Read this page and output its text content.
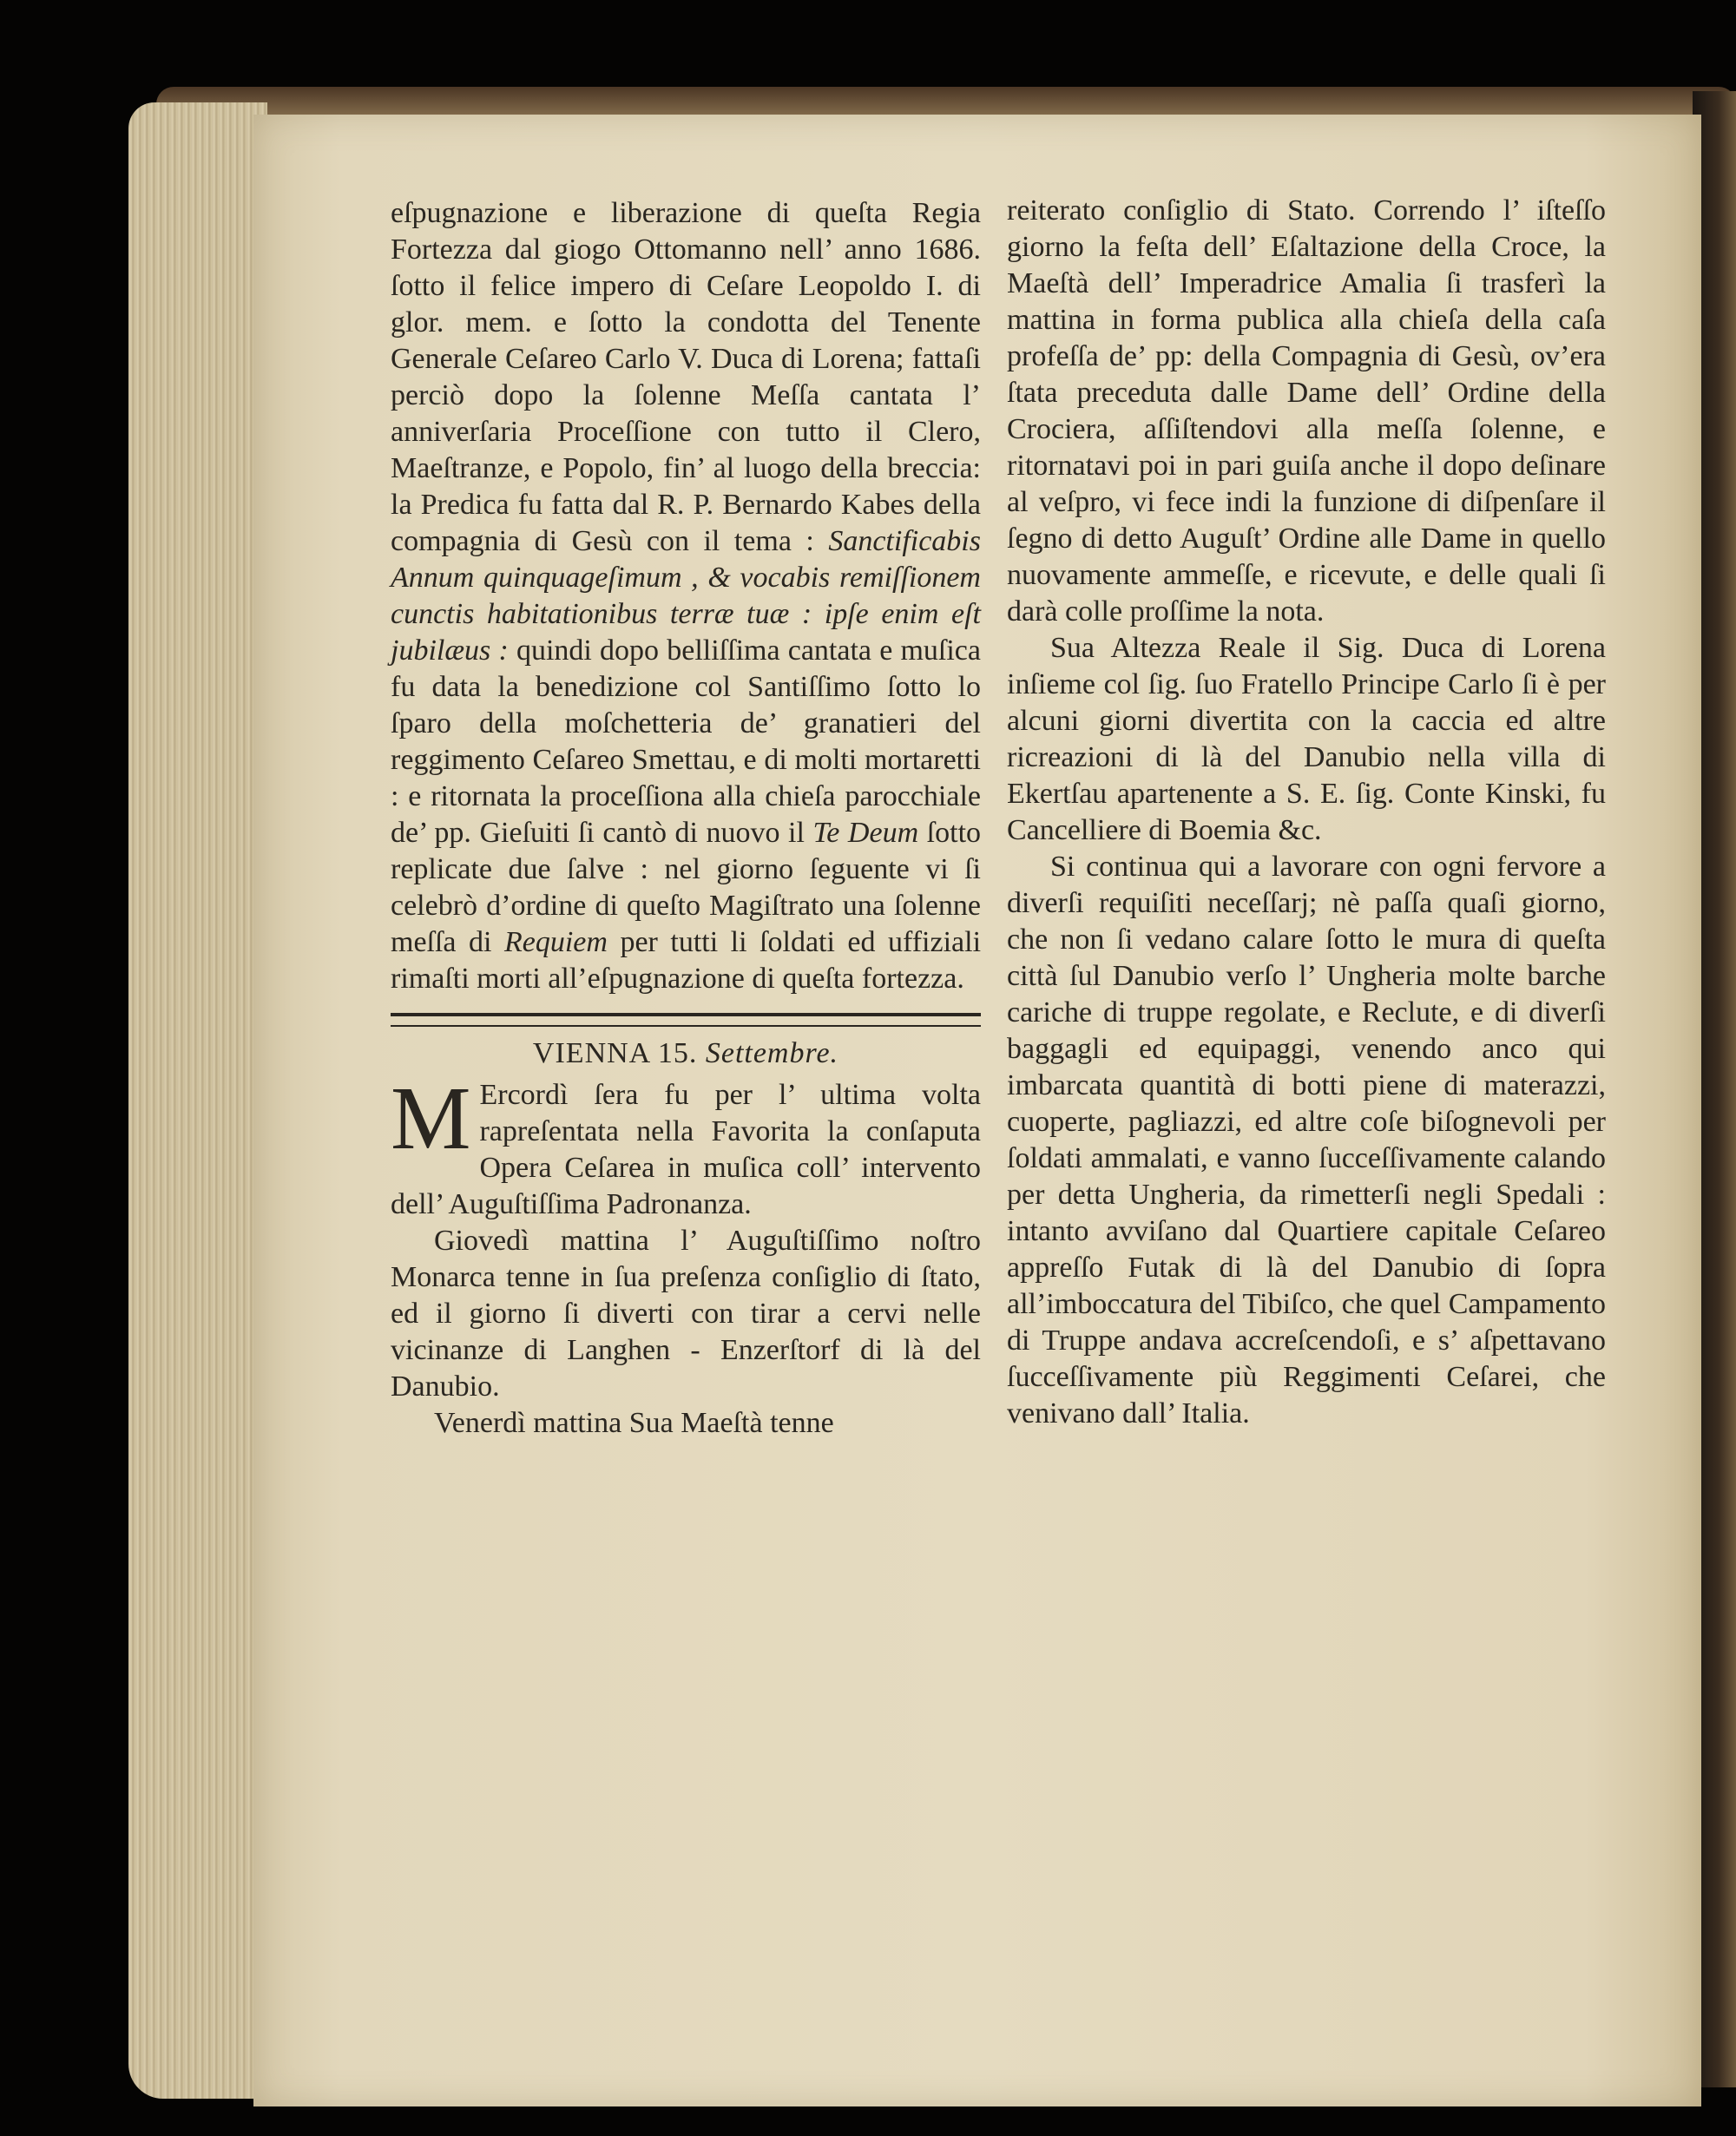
eſpugnazione e liberazione di queſta Regia Fortezza dal giogo Ottomanno nell’ anno 1686. ſotto il felice impero di Ceſare Leopoldo I. di glor. mem. e ſotto la condotta del Tenente Generale Ceſareo Carlo V. Duca di Lorena; fattaſi perciò dopo la ſolenne Meſſa cantata l’ anniverſaria Proceſſione con tutto il Clero, Maeſtranze, e Popolo, fin’ al luogo della breccia: la Predica fu fatta dal R. P. Bernardo Kabes della compagnia di Gesù con il tema : Sanctificabis Annum quinquageſimum , & vocabis remiſſionem cunctis habitationibus terræ tuæ : ipſe enim eſt jubilæus : quindi dopo belliſſima cantata e muſica fu data la benedizione col Santiſſimo ſotto lo ſparo della moſchetteria de’ granatieri del reggimento Ceſareo Smettau, e di molti mortaretti : e ritornata la proceſſiona alla chieſa parocchiale de’ pp. Gieſuiti ſi cantò di nuovo il Te Deum ſotto replicate due ſalve : nel giorno ſeguente vi ſi celebrò d’ordine di queſto Magiſtrato una ſolenne meſſa di Requiem per tutti li ſoldati ed uffiziali rimaſti morti all’eſpugnazione di queſta fortezza.

VIENNA 15. Settembre.

M Ercordì ſera fu per l’ ultima volta rapreſentata nella Favorita la conſaputa Opera Ceſarea in muſica coll’ intervento dell’ Auguſtiſſima Padronanza.

Giovedì mattina l’ Auguſtiſſimo noſtro Monarca tenne in ſua preſenza conſiglio di ſtato, ed il giorno ſi diverti con tirar a cervi nelle vicinanze di Langhen - Enzerſtorf di là del Danubio.

Venerdì mattina Sua Maeſtà tenne

reiterato conſiglio di Stato. Correndo l’ iſteſſo giorno la feſta dell’ Eſaltazione della Croce, la Maeſtà dell’ Imperadrice Amalia ſi trasferì la mattina in forma publica alla chieſa della caſa profeſſa de’ pp: della Compagnia di Gesù, ov’era ſtata preceduta dalle Dame dell’ Ordine della Crociera, aſſiſtendovi alla meſſa ſolenne, e ritornatavi poi in pari guiſa anche il dopo deſinare al veſpro, vi fece indi la funzione di diſpenſare il ſegno di detto Auguſt’ Ordine alle Dame in quello nuovamente ammeſſe, e ricevute, e delle quali ſi darà colle proſſime la nota.

Sua Altezza Reale il Sig. Duca di Lorena inſieme col ſig. ſuo Fratello Principe Carlo ſi è per alcuni giorni divertita con la caccia ed altre ricreazioni di là del Danubio nella villa di Ekertſau apartenente a S. E. ſig. Conte Kinski, fu Cancelliere di Boemia &c.

Si continua qui a lavorare con ogni fervore a diverſi requiſiti neceſſarj; nè paſſa quaſi giorno, che non ſi vedano calare ſotto le mura di queſta città ſul Danubio verſo l’ Ungheria molte barche cariche di truppe regolate, e Reclute, e di diverſi baggagli ed equipaggi, venendo anco qui imbarcata quantità di botti piene di materazzi, cuoperte, pagliazzi, ed altre coſe biſognevoli per ſoldati ammalati, e vanno ſucceſſivamente calando per detta Ungheria, da rimetterſi negli Spedali : intanto avviſano dal Quartiere capitale Ceſareo appreſſo Futak di là del Danubio di ſopra all’imboccatura del Tibiſco, che quel Campamento di Truppe andava accreſcendoſi, e s’ aſpettavano ſucceſſivamente più Reggimenti Ceſarei, che venivano dall’ Italia.
